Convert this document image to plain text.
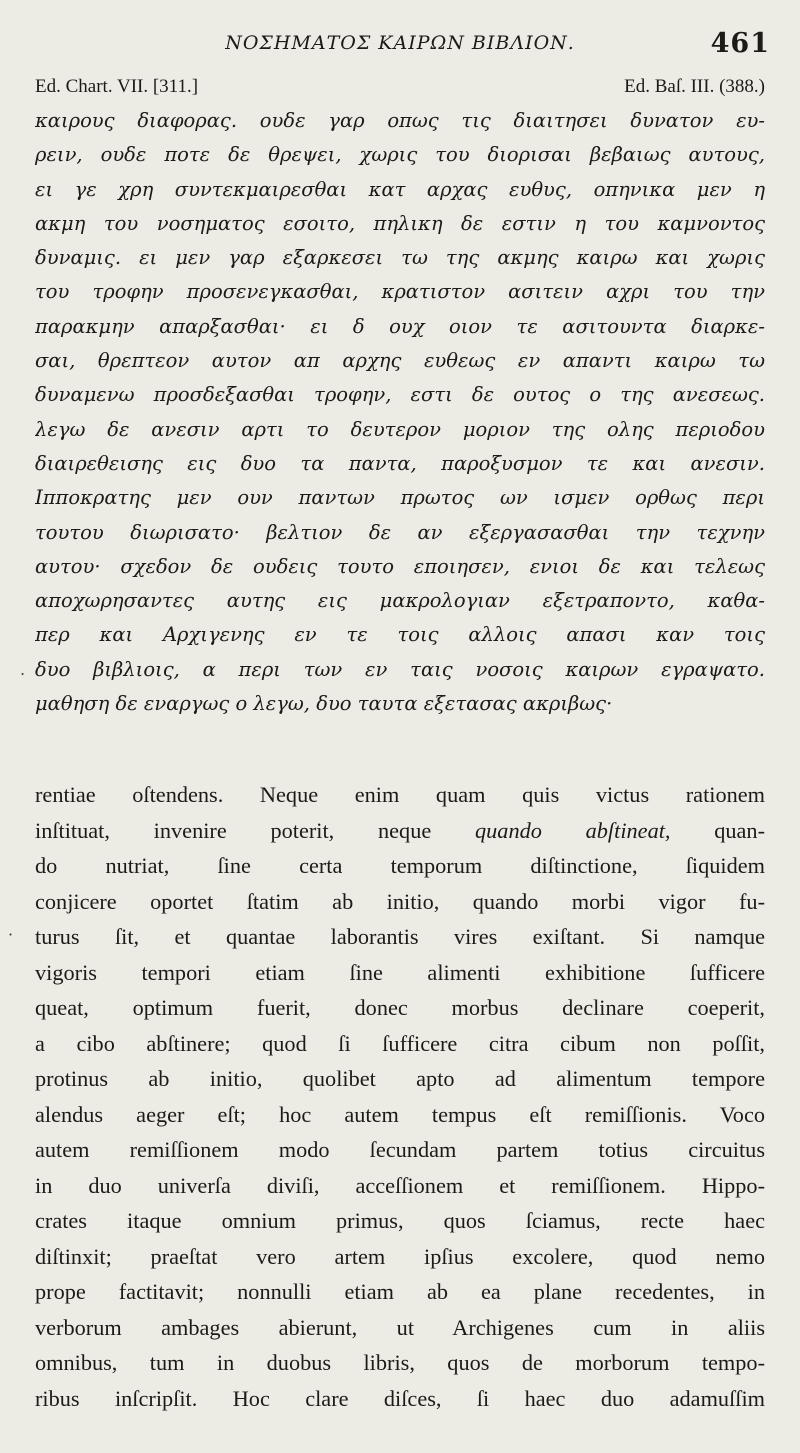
ΝΟΣΗΜΑΤΟΣ ΚΑΙΡΩΝ ΒΙΒΛΙΟΝ.	461
Ed. Chart. VII. [311.]	Ed. Baſ. III. (388.)
καιρους διαφορας. ουδε γαρ οπως τις διαιτησει δυνατον ευ-
ρειν, ουδε ποτε δε θρεψει, χωρις του διορισαι βεβαιως αυτους,
ει γε χρη συντεκμαιρεσθαι κατ αρχας ευθυς, οπηνικα μεν η
ακμη του νοσηματος εσοιτο, πηλικη δε εστιν η του καμνοντος
δυναμις. ει μεν γαρ εξαρκεσει τω της ακμης καιρω και χωρις
του τροφην προσενεγκασθαι, κρατιστον ασιτειν αχρι του την
παρακμην απαρξασθαι· ει δ ουχ οιον τε ασιτουντα διαρκε-
σαι, θρεπτεον αυτον απ αρχης ευθεως εν απαντι καιρω τω
δυναμενω προσδεξασθαι τροφην, εστι δε ουτος ο της ανεσεως.
λεγω δε ανεσιν αρτι το δευτερον μοριον της ολης περιοδου
διαιρεθεισης εις δυο τα παντα, παροξυσμον τε και ανεσιν.
Ιπποκρατης μεν ουν παντων πρωτος ων ισμεν ορθως περι
τουτου διωρισατο· βελτιον δε αν εξεργασασθαι την τεχνην
αυτου· σχεδον δε ουδεις τουτο εποιησεν, ενιοι δε και τελεως
αποχωρησαντες αυτης εις μακρολογιαν εξετραποντο, καθα-
περ και Αρχιγενης εν τε τοις αλλοις απασι καν τοις
δυο βιβλιοις, α περι των εν ταις νοσοις καιρων εγραψατο.
μαθηση δε εναργως ο λεγω, δυο ταυτα εξετασας ακριβως·
rentiae oſtendens. Neque enim quam quis victus rationem
inſtituat, invenire poterit, neque quando abſtineat, quan-
do nutriat, ſine certa temporum diſtinctione, ſiquidem
conjicere oportet ſtatim ab initio, quando morbi vigor fu-
turus ſit, et quantae laborantis vires exiſtant. Si namque
vigoris tempori etiam ſine alimenti exhibitione ſufficere
queat, optimum fuerit, donec morbus declinare coeperit,
a cibo abſtinere; quod ſi ſufficere citra cibum non poſſit,
protinus ab initio, quolibet apto ad alimentum tempore
alendus aeger eſt; hoc autem tempus eſt remiſſionis. Voco
autem remiſſionem modo ſecundam partem totius circuitus
in duo univerſa diviſi, acceſſionem et remiſſionem. Hippo-
crates itaque omnium primus, quos ſciamus, recte haec
diſtinxit; praeſtat vero artem ipſius excolere, quod nemo
prope factitavit; nonnulli etiam ab ea plane recedentes, in
verborum ambages abierunt, ut Archigenes cum in aliis
omnibus, tum in duobus libris, quos de morborum tempo-
ribus inſcripſit. Hoc clare diſces, ſi haec duo adamuſſim
.
·
